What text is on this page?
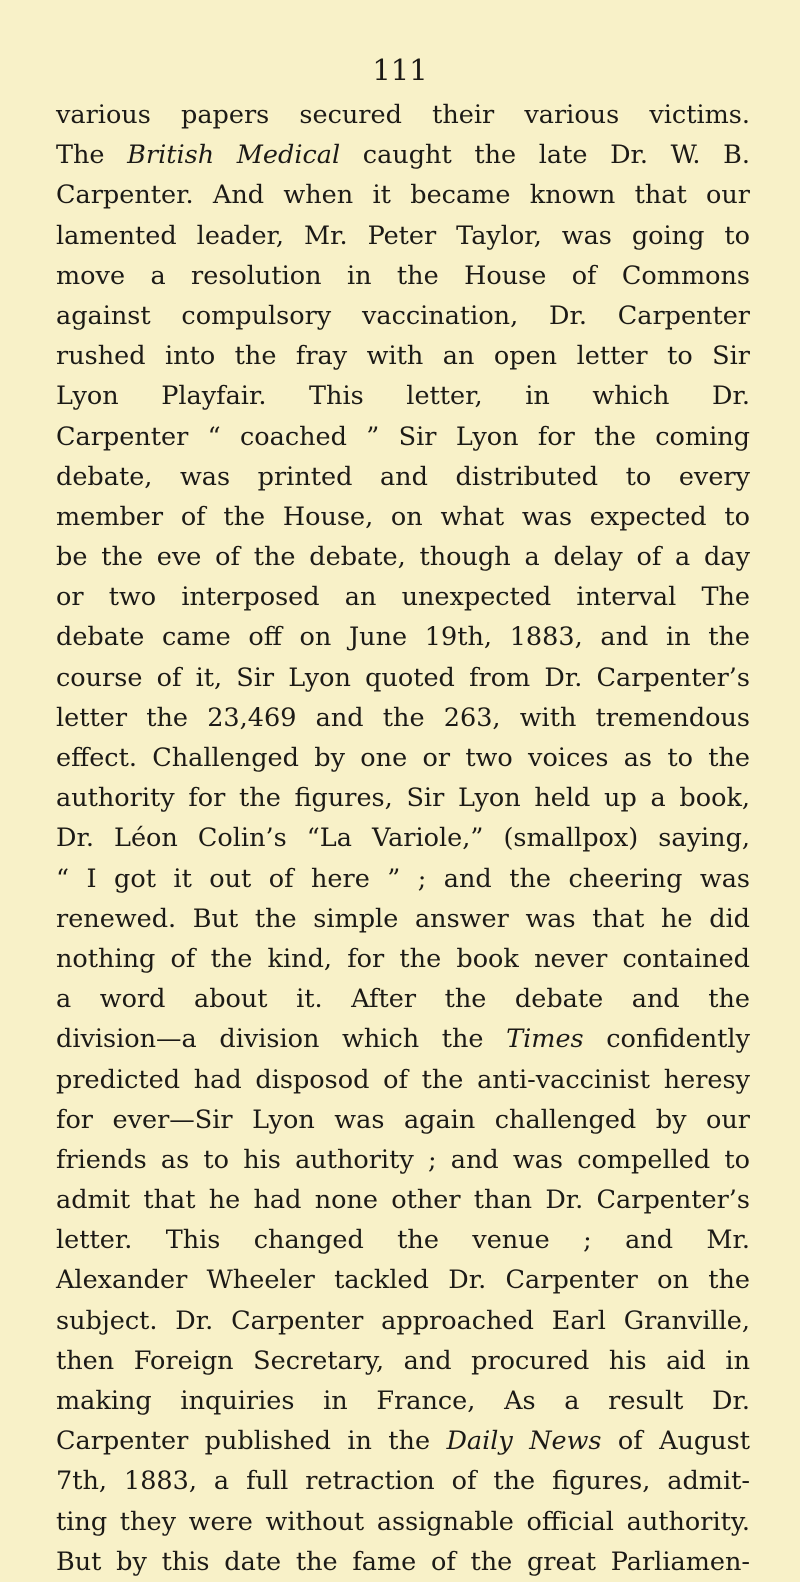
111
various papers secured their various victims.
The British Medical caught the late Dr. W. B.
Carpenter. And when it became known that our
lamented leader, Mr. Peter Taylor, was going to
move a resolution in the House of Commons
against compulsory vaccination, Dr. Carpenter
rushed into the fray with an open letter to Sir
Lyon Playfair. This letter, in which Dr.
Carpenter “ coached ” Sir Lyon for the coming
debate, was printed and distributed to every
member of the House, on what was expected to
be the eve of the debate, though a delay of a day
or two interposed an unexpected interval The
debate came off on June 19th, 1883, and in the
course of it, Sir Lyon quoted from Dr. Carpenter’s
letter the 23,469 and the 263, with tremendous
effect. Challenged by one or two voices as to the
authority for the figures, Sir Lyon held up a book,
Dr. Léon Colin’s “La Variole,” (smallpox) saying,
“ I got it out of here ” ; and the cheering was
renewed. But the simple answer was that he did
nothing of the kind, for the book never contained
a word about it. After the debate and the
division—a division which the Times confidently
predicted had disposod of the anti-vaccinist heresy
for ever—Sir Lyon was again challenged by our
friends as to his authority ; and was compelled to
admit that he had none other than Dr. Carpenter’s
letter. This changed the venue ; and Mr.
Alexander Wheeler tackled Dr. Carpenter on the
subject. Dr. Carpenter approached Earl Granville,
then Foreign Secretary, and procured his aid in
making inquiries in France, As a result Dr.
Carpenter published in the Daily News of August
7th, 1883, a full retraction of the figures, admit-
ting they were without assignable official authority.
But by this date the fame of the great Parliamen-
